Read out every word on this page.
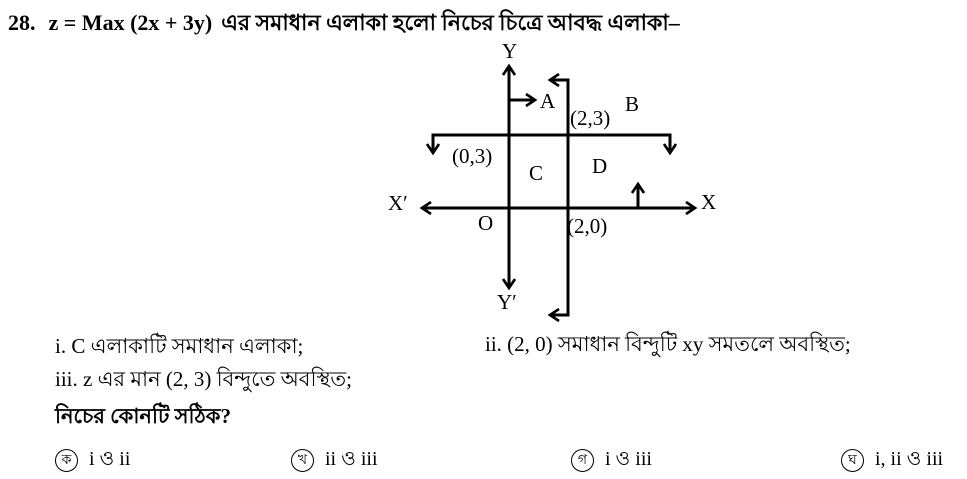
28. z = Max (2x + 3y) এর সমাধান এলাকা হলো নিচের চিত্রে আবদ্ধ এলাকা–
Y
Y′
X′	X
O
A	B
C D
(2,3)
(0,3)
(2,0)
i. C এলাকাটি সমাধান এলাকা;	ii. (2, 0) সমাধান বিন্দুটি xy সমতলে অবস্থিত;
iii. z এর মান (2, 3) বিন্দুতে অবস্থিত;
নিচের কোনটি সঠিক?
ক i ও ii	খ ii ও iii	গ i ও iii	ঘ i, ii ও iii
